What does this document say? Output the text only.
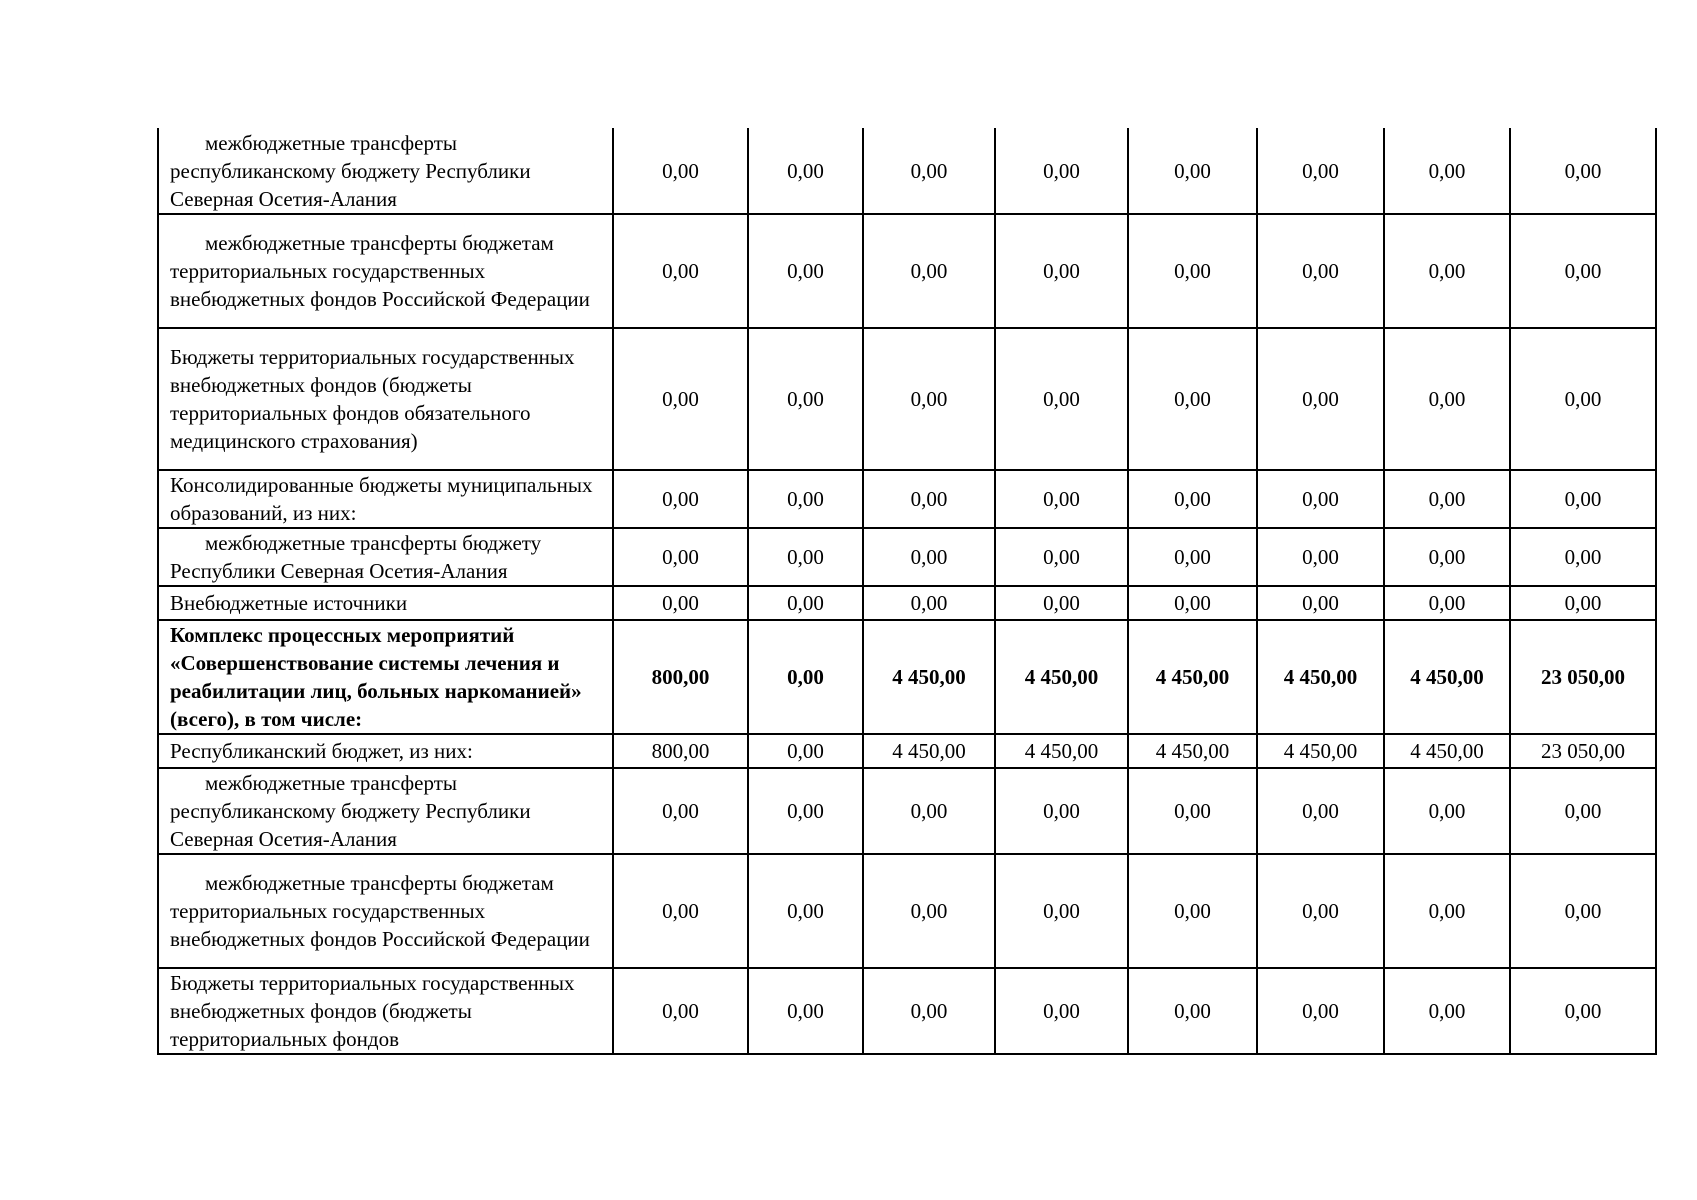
межбюджетные трансферты республиканскому бюджету Республики Северная Осетия-Алания	0,00	0,00	0,00	0,00	0,00	0,00	0,00	0,00
межбюджетные трансферты бюджетам территориальных государственных внебюджетных фондов Российской Федерации	0,00	0,00	0,00	0,00	0,00	0,00	0,00	0,00
Бюджеты территориальных государственных внебюджетных фондов (бюджеты территориальных фондов обязательного медицинского страхования)	0,00	0,00	0,00	0,00	0,00	0,00	0,00	0,00
Консолидированные бюджеты муниципальных образований, из них:	0,00	0,00	0,00	0,00	0,00	0,00	0,00	0,00
межбюджетные трансферты бюджету Республики Северная Осетия-Алания	0,00	0,00	0,00	0,00	0,00	0,00	0,00	0,00
Внебюджетные источники	0,00	0,00	0,00	0,00	0,00	0,00	0,00	0,00
Комплекс процессных мероприятий «Совершенствование системы лечения и реабилитации лиц, больных наркоманией» (всего), в том числе:	800,00	0,00	4 450,00	4 450,00	4 450,00	4 450,00	4 450,00	23 050,00
Республиканский бюджет, из них:	800,00	0,00	4 450,00	4 450,00	4 450,00	4 450,00	4 450,00	23 050,00
межбюджетные трансферты республиканскому бюджету Республики Северная Осетия-Алания	0,00	0,00	0,00	0,00	0,00	0,00	0,00	0,00
межбюджетные трансферты бюджетам территориальных государственных внебюджетных фондов Российской Федерации	0,00	0,00	0,00	0,00	0,00	0,00	0,00	0,00
Бюджеты территориальных государственных внебюджетных фондов (бюджеты территориальных фондов	0,00	0,00	0,00	0,00	0,00	0,00	0,00	0,00
